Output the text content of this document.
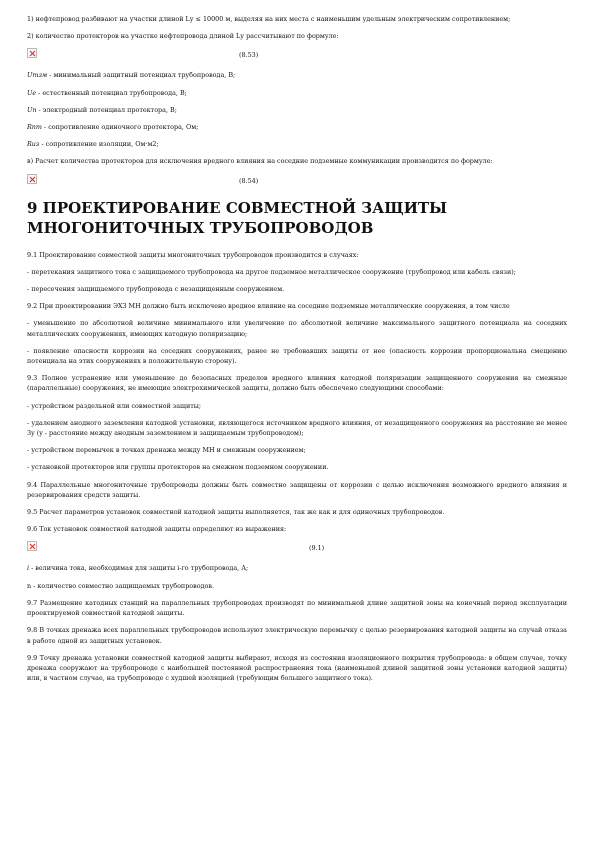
1) нефтепровод разбивают на участки длиной Lу ≤ 10000 м, выделяя на них места с наименьшим удельным электрическим сопротивлением;

2) количество протекторов на участке нефтепровода длиной Lу рассчитывают по формуле:

(8.53)

Uтзм - минимальный защитный потенциал трубопровода, В;

Uе - естественный потенциал трубопровода, В;

Uп - электродный потенциал протектора, В;

Rпт - сопротивление одиночного протектора, Ом;

Rиз - сопротивление изоляции, Ом·м2;

в) Расчет количества протекторов для исключения вредного влияния на соседние подземные коммуникации производится по формуле:

(8.54)
9 ПРОЕКТИРОВАНИЕ СОВМЕСТНОЙ ЗАЩИТЫ МНОГОНИТОЧНЫХ ТРУБОПРОВОДОВ

9.1 Проектирование совместной защиты многониточных трубопроводов производится в случаях:

- перетекания защитного тока с защищаемого трубопровода на другое подземное металлическое сооружение (трубопровод или кабель связи);

- пересечения защищаемого трубопровода с незащищенным сооружением.

9.2 При проектировании ЭХЗ МН должно быть исключено вредное влияние на соседние подземные металлические сооружения, в том числе

- уменьшение по абсолютной величине минимального или увеличение по абсолютной величине максимального защитного потенциала на соседних металлических сооружениях, имеющих катодную поляризацию;

- появление опасности коррозии на соседних сооружениях, ранее не требовавших защиты от нее (опасность коррозии пропорциональна смещению потенциала на этих сооружениях в положительную сторону).

9.3 Полное устранение или уменьшение до безопасных пределов вредного влияния катодной поляризации защищенного сооружения на смежные (параллельные) сооружения, не имеющие электрохимической защиты, должно быть обеспечено следующими способами:

- устройством раздельной или совместной защиты;

- удалением анодного заземления катодной установки, являющегося источником вредного влияния, от незащищенного сооружения на расстояние не менее 3y (y - расстояние между анодным заземлением и защищаемым трубопроводом);

- устройством перемычек в точках дренажа между МН и смежным сооружением;

- установкой протекторов или группы протекторов на смежном подземном сооружении.

9.4 Параллельные многониточные трубопроводы должны быть совместно защищены от коррозии с целью исключения возможного вредного влияния и резервирования средств защиты.

9.5 Расчет параметров установок совместной катодной защиты выполняется, так же как и для одиночных трубопроводов.

9.6 Ток установок совместной катодной защиты определяют из выражения:

(9.1)

i - величина тока, необходимая для защиты i-го трубопровода, А;

n - количество совместно защищаемых трубопроводов.

9.7 Размещение катодных станций на параллельных трубопроводах производят по минимальной длине защитной зоны на конечный период эксплуатации проектируемой совместной катодной защиты.

9.8 В точках дренажа всех параллельных трубопроводов используют электрическую перемычку с целью резервирования катодной защиты на случай отказа в работе одной из защитных установок.

9.9 Точку дренажа установки совместной катодной защиты выбирают, исходя из состояния изоляционного покрытия трубопровода: в общем случае, точку дренажа сооружают на трубопроводе с наибольшей постоянной распространения тока (наименьшей длиной защитной зоны установки катодной защиты) или, в частном случае, на трубопроводе с худшей изоляцией (требующим большего защитного тока).
